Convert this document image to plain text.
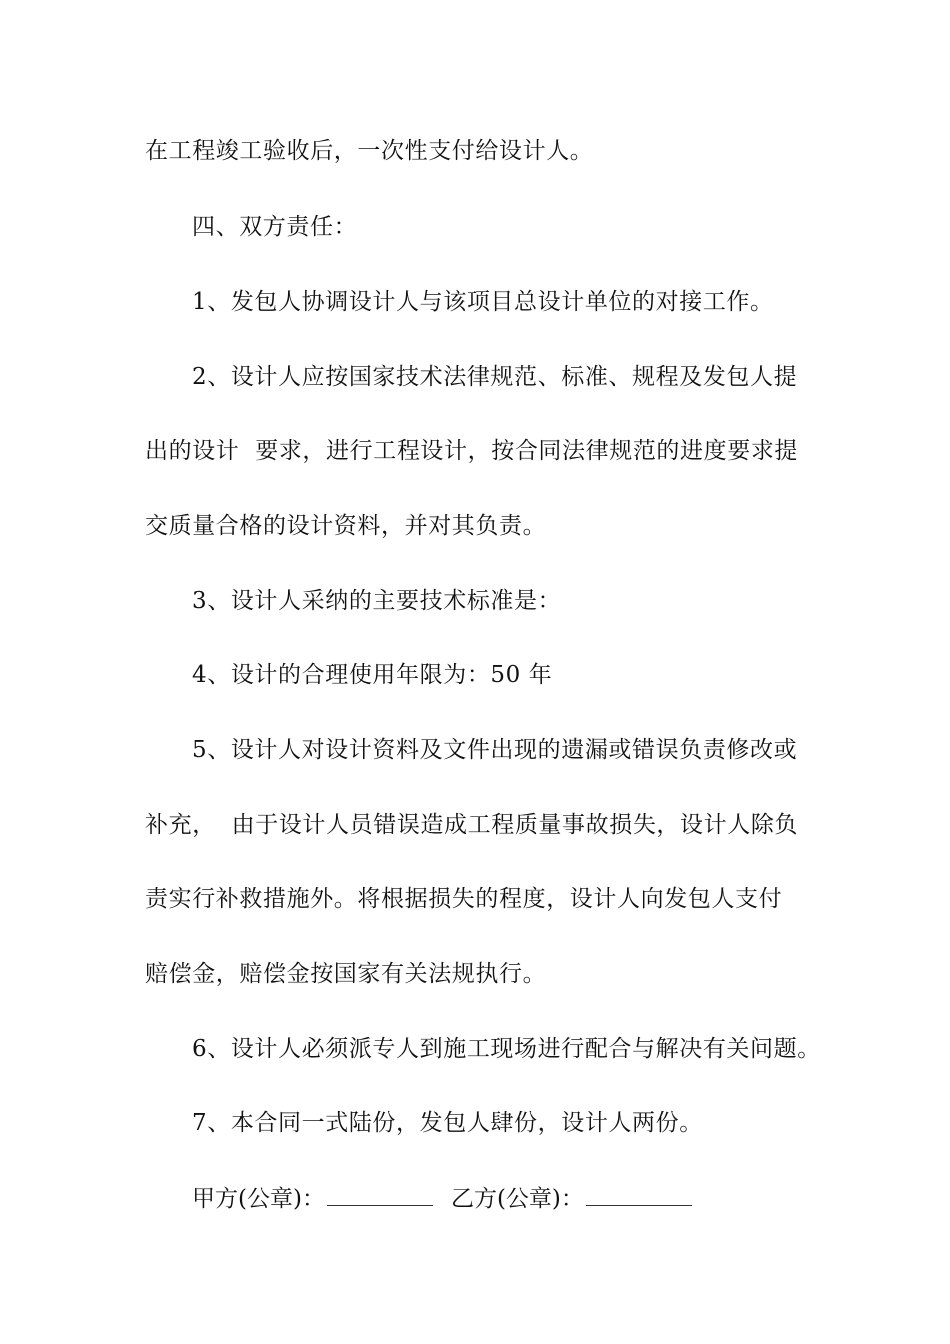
在工程竣工验收后，一次性支付给设计人。
四、双方责任：
1、发包人协调设计人与该项目总设计单位的对接工作。
2、设计人应按国家技术法律规范、标准、规程及发包人提
出的设计  要求，进行工程设计，按合同法律规范的进度要求提
交质量合格的设计资料，并对其负责。
3、设计人采纳的主要技术标准是：
4、设计的合理使用年限为：50 年
5、设计人对设计资料及文件出现的遗漏或错误负责修改或
补充，  由于设计人员错误造成工程质量事故损失，设计人除负
责实行补救措施外。将根据损失的程度，设计人向发包人支付
赔偿金，赔偿金按国家有关法规执行。
6、设计人必须派专人到施工现场进行配合与解决有关问题。
7、本合同一式陆份，发包人肆份，设计人两份。
甲方(公章)：	乙方(公章)：
